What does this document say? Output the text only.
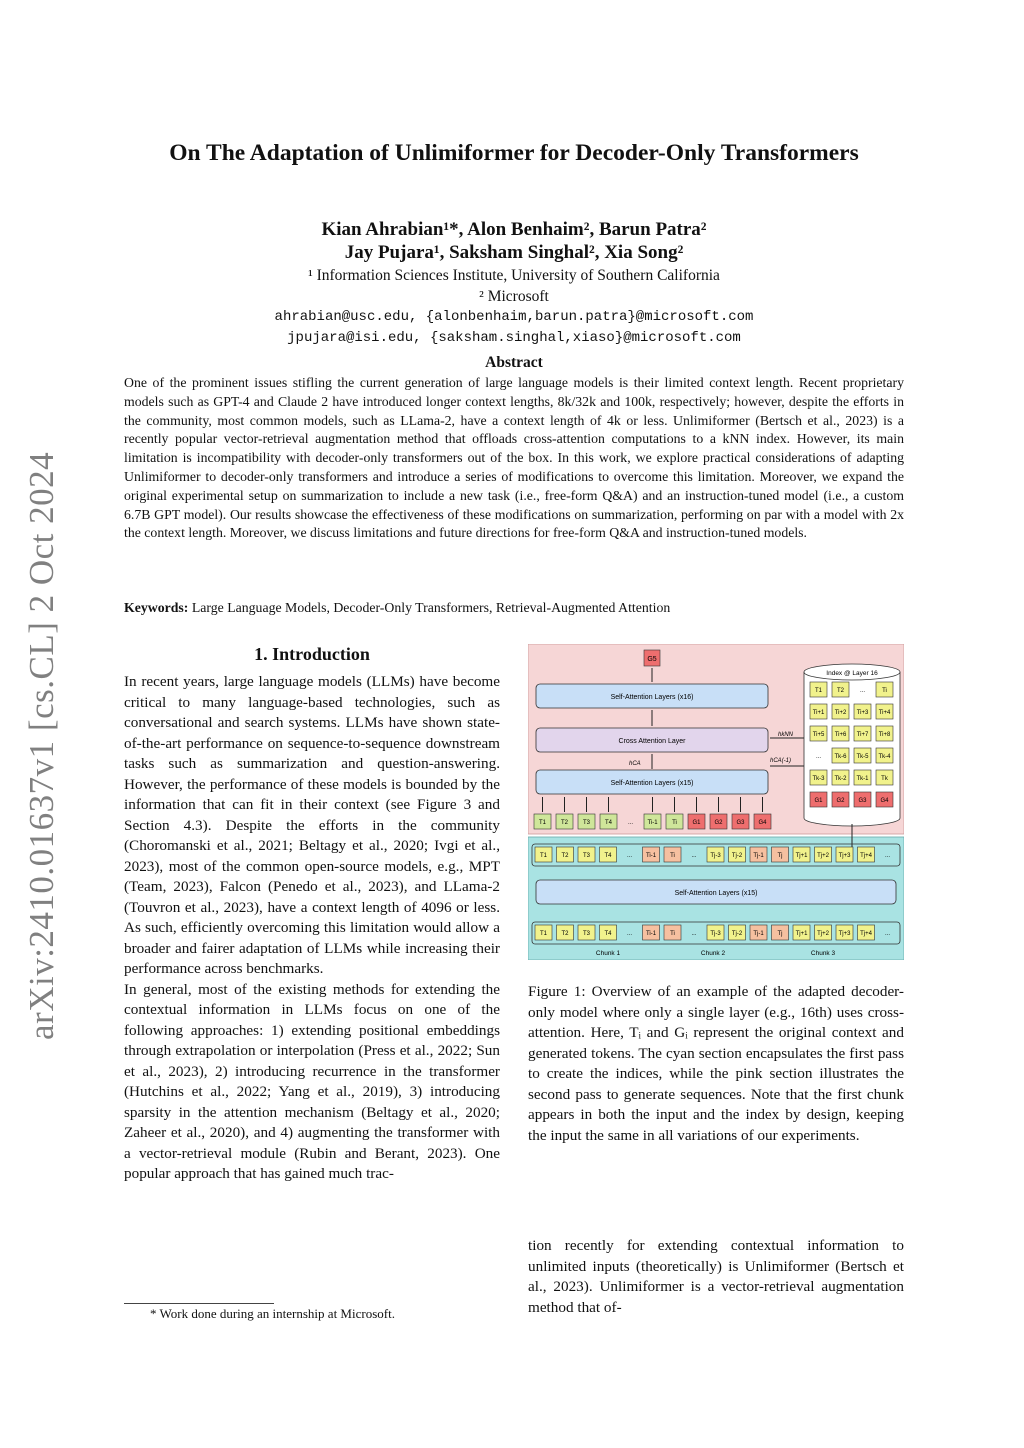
arXiv:2410.01637v1 [cs.CL] 2 Oct 2024
On The Adaptation of Unlimiformer for Decoder-Only Transformers
Kian Ahrabian¹*, Alon Benhaim², Barun Patra²
Jay Pujara¹, Saksham Singhal², Xia Song²
¹ Information Sciences Institute, University of Southern California
² Microsoft
ahrabian@usc.edu, {alonbenhaim,barun.patra}@microsoft.com
jpujara@isi.edu, {saksham.singhal,xiaso}@microsoft.com
Abstract
One of the prominent issues stifling the current generation of large language models is their limited context length. Recent proprietary models such as GPT-4 and Claude 2 have introduced longer context lengths, 8k/32k and 100k, respectively; however, despite the efforts in the community, most common models, such as LLama-2, have a context length of 4k or less. Unlimiformer (Bertsch et al., 2023) is a recently popular vector-retrieval augmentation method that offloads cross-attention computations to a kNN index. However, its main limitation is incompatibility with decoder-only transformers out of the box. In this work, we explore practical considerations of adapting Unlimiformer to decoder-only transformers and introduce a series of modifications to overcome this limitation. Moreover, we expand the original experimental setup on summarization to include a new task (i.e., free-form Q&A) and an instruction-tuned model (i.e., a custom 6.7B GPT model). Our results showcase the effectiveness of these modifications on summarization, performing on par with a model with 2x the context length. Moreover, we discuss limitations and future directions for free-form Q&A and instruction-tuned models.
Keywords: Large Language Models, Decoder-Only Transformers, Retrieval-Augmented Attention
1. Introduction

In recent years, large language models (LLMs) have become critical to many language-based technologies, such as conversational and search systems. LLMs have shown state-of-the-art performance on sequence-to-sequence downstream tasks such as summarization and question-answering. However, the performance of these models is bounded by the information that can fit in their context (see Figure 3 and Section 4.3). Despite the efforts in the community (Choromanski et al., 2021; Beltagy et al., 2020; Ivgi et al., 2023), most of the common open-source models, e.g., MPT (Team, 2023), Falcon (Penedo et al., 2023), and LLama-2 (Touvron et al., 2023), have a context length of 4096 or less. As such, efficiently overcoming this limitation would allow a broader and fairer adaptation of LLMs while increasing their performance across benchmarks.

In general, most of the existing methods for extending the contextual information in LLMs focus on one of the following approaches: 1) extending positional embeddings through extrapolation or interpolation (Press et al., 2022; Sun et al., 2023), 2) introducing recurrence in the transformer (Hutchins et al., 2022; Yang et al., 2019), 3) introducing sparsity in the attention mechanism (Beltagy et al., 2020; Zaheer et al., 2020), and 4) augmenting the transformer with a vector-retrieval module (Rubin and Berant, 2023). One popular approach that has gained much trac-

* Work done during an internship at Microsoft.
G5
Self-Attention Layers (x16)
Cross Attention Layer
hCA
Self-Attention Layers (x15)
hkNN
hCA(-1)
Index @ Layer 16
T1 T2	...	Ti
Ti+1 Ti+2 Ti+3 Ti+4
Ti+5 Ti+6 Ti+7 Ti+8
... Tk-6 Tk-5 Tk-4
Tk-3 Tk-2 Tk-1 Tk
G1 G2 G3 G4
T1 T2 T3 T4	... Ti-1 Ti	G1 G2 G3 G4
T1 T2 T3 T4	... Ti-1 Ti	... Tj-3 Tj-2 Tj-1 Tj Tj+1 Tj+2 Tj+3 Tj+4 ...
Self-Attention Layers (x15)
T1 T2 T3 T4	... Ti-1 Ti	... Tj-3 Tj-2 Tj-1 Tj Tj+1 Tj+2 Tj+3 Tj+4 ...
Chunk 1	Chunk 2	Chunk 3
Figure 1: Overview of an example of the adapted decoder-only model where only a single layer (e.g., 16th) uses cross-attention. Here, Tᵢ and Gᵢ represent the original context and generated tokens. The cyan section encapsulates the first pass to create the indices, while the pink section illustrates the second pass to generate sequences. Note that the first chunk appears in both the input and the index by design, keeping the input the same in all variations of our experiments.
tion recently for extending contextual information to unlimited inputs (theoretically) is Unlimiformer (Bertsch et al., 2023). Unlimiformer is a vector-retrieval augmentation method that of-
